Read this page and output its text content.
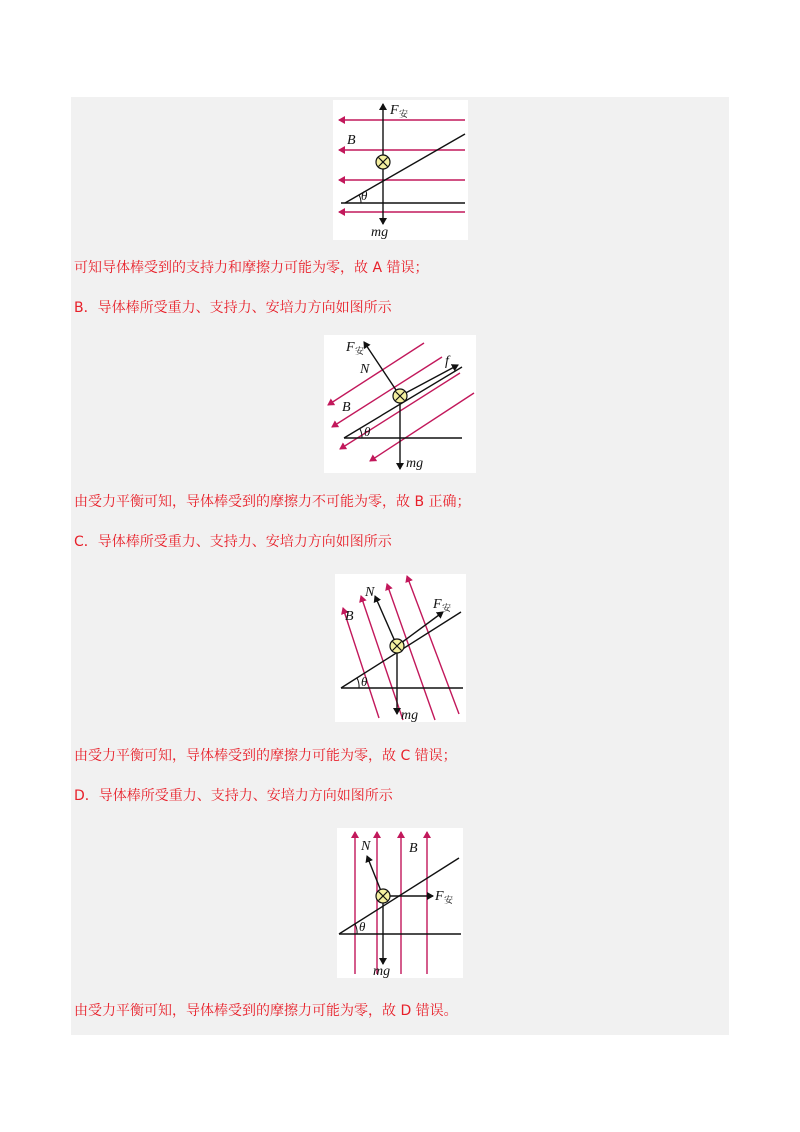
F 安
B
θ
mg
可知导体棒受到的支持力和摩擦力可能为零，故 A 错误；
B．导体棒所受重力、支持力、安培力方向如图所示
F 安
N
f
B
θ
mg
由受力平衡可知，导体棒受到的摩擦力不可能为零，故 B 正确；
C．导体棒所受重力、支持力、安培力方向如图所示
N
F 安
B
θ
mg
由受力平衡可知，导体棒受到的摩擦力可能为零，故 C 错误；
D．导体棒所受重力、支持力、安培力方向如图所示
N	B
F 安
θ
mg
由受力平衡可知，导体棒受到的摩擦力可能为零，故 D 错误。
